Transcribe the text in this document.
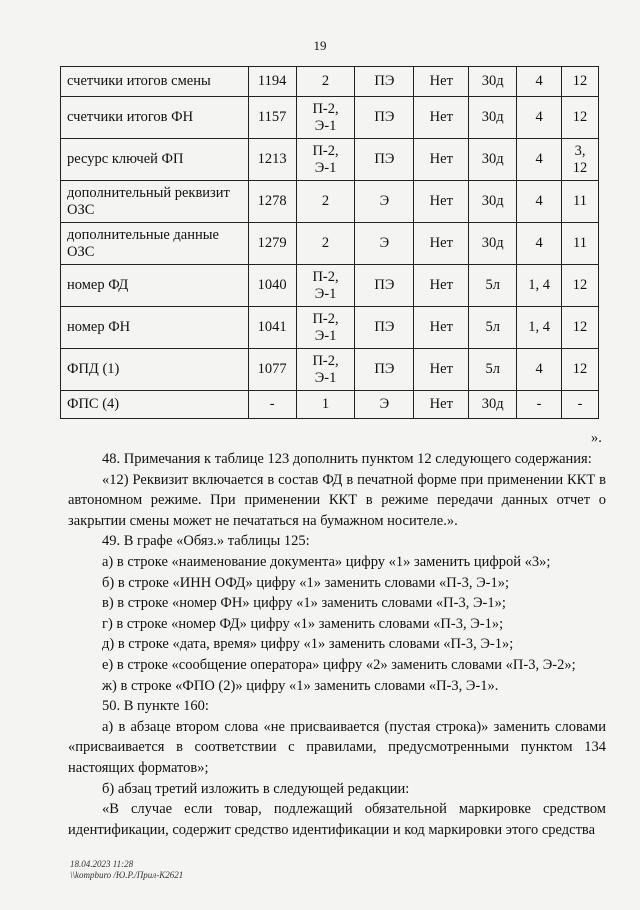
19
счетчики итогов смены	1194	2	ПЭ	Нет	30д	4	12
счетчики итогов ФН	1157	П-2, Э-1	ПЭ	Нет	30д	4	12
ресурс ключей ФП	1213	П-2, Э-1	ПЭ	Нет	30д	4	3, 12
дополнительный реквизит ОЗС	1278	2	Э	Нет	30д	4	11
дополнительные данные ОЗС	1279	2	Э	Нет	30д	4	11
номер ФД	1040	П-2, Э-1	ПЭ	Нет	5л	1, 4	12
номер ФН	1041	П-2, Э-1	ПЭ	Нет	5л	1, 4	12
ФПД (1)	1077	П-2, Э-1	ПЭ	Нет	5л	4	12
ФПС (4)	-	1	Э	Нет	30д	-	-
».

48. Примечания к таблице 123 дополнить пунктом 12 следующего содержания:

«12) Реквизит включается в состав ФД в печатной форме при применении ККТ в автономном режиме. При применении ККТ в режиме передачи данных отчет о закрытии смены может не печататься на бумажном носителе.».

49. В графе «Обяз.» таблицы 125:

а) в строке «наименование документа» цифру «1» заменить цифрой «3»;

б) в строке «ИНН ОФД» цифру «1» заменить словами «П-3, Э-1»;

в) в строке «номер ФН» цифру «1» заменить словами «П-3, Э-1»;

г) в строке «номер ФД» цифру «1» заменить словами «П-3, Э-1»;

д) в строке «дата, время» цифру «1» заменить словами «П-3, Э-1»;

е) в строке «сообщение оператора» цифру «2» заменить словами «П-3, Э-2»;

ж) в строке «ФПО (2)» цифру «1» заменить словами «П-3, Э-1».

50. В пункте 160:

а) в абзаце втором слова «не присваивается (пустая строка)» заменить словами «присваивается в соответствии с правилами, предусмотренными пунктом 134 настоящих форматов»;

б) абзац третий изложить в следующей редакции:

«В случае если товар, подлежащий обязательной маркировке средством идентификации, содержит средство идентификации и код маркировки этого средства

18.04.2023 11:28
\\kompburo /Ю.Р./Прил-К2621
